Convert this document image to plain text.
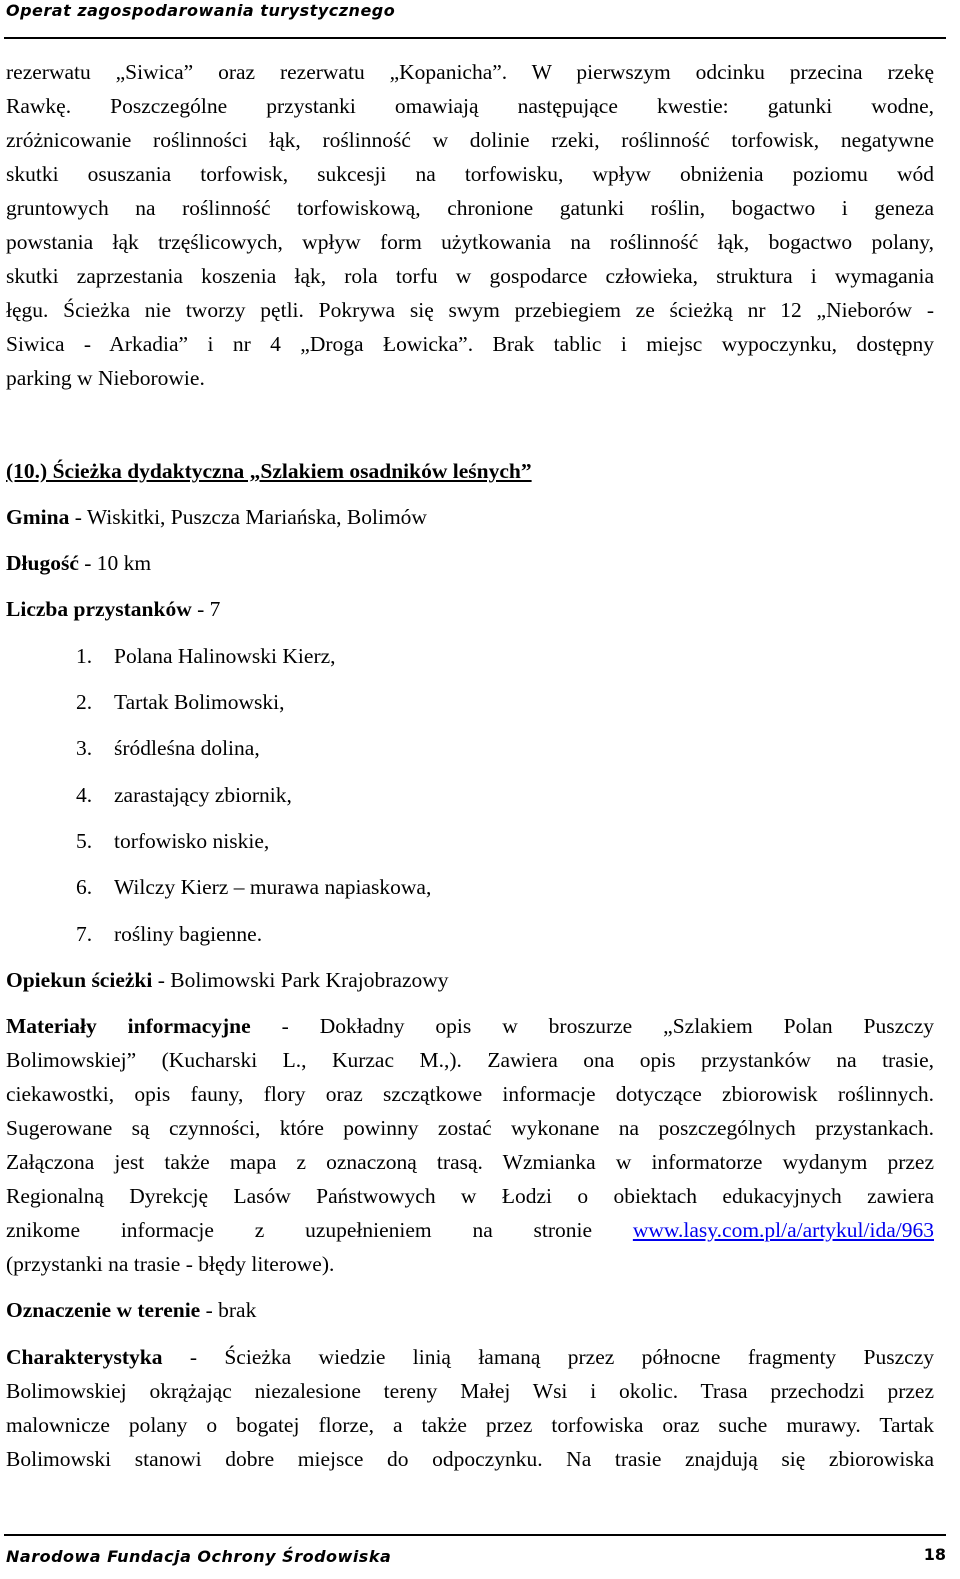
Operat zagospodarowania turystycznego

rezerwatu „Siwica” oraz rezerwatu „Kopanicha”. W pierwszym odcinku przecina rzekę

Rawkę. Poszczególne przystanki omawiają następujące kwestie: gatunki wodne,

zróżnicowanie roślinności łąk, roślinność w dolinie rzeki, roślinność torfowisk, negatywne

skutki osuszania torfowisk, sukcesji na torfowisku, wpływ obniżenia poziomu wód

gruntowych na roślinność torfowiskową, chronione gatunki roślin, bogactwo i geneza

powstania łąk trzęślicowych, wpływ form użytkowania na roślinność łąk, bogactwo polany,

skutki zaprzestania koszenia łąk, rola torfu w gospodarce człowieka, struktura i wymagania

łęgu. Ścieżka nie tworzy pętli. Pokrywa się swym przebiegiem ze ścieżką nr 12 „Nieborów -

Siwica - Arkadia” i nr 4 „Droga Łowicka”. Brak tablic i miejsc wypoczynku, dostępny

parking w Nieborowie.

(10.) Ścieżka dydaktyczna „Szlakiem osadników leśnych”

Gmina - Wiskitki, Puszcza Mariańska, Bolimów

Długość - 10 km

Liczba przystanków - 7

1. Polana Halinowski Kierz,
2. Tartak Bolimowski,
3. śródleśna dolina,
4. zarastający zbiornik,
5. torfowisko niskie,
6. Wilczy Kierz – murawa napiaskowa,
7. rośliny bagienne.

Opiekun ścieżki - Bolimowski Park Krajobrazowy

Materiały informacyjne - Dokładny opis w broszurze „Szlakiem Polan Puszczy

Bolimowskiej” (Kucharski L., Kurzac M.,). Zawiera ona opis przystanków na trasie,

ciekawostki, opis fauny, flory oraz szczątkowe informacje dotyczące zbiorowisk roślinnych.

Sugerowane są czynności, które powinny zostać wykonane na poszczególnych przystankach.

Załączona jest także mapa z oznaczoną trasą. Wzmianka w informatorze wydanym przez

Regionalną Dyrekcję Lasów Państwowych w Łodzi o obiektach edukacyjnych zawiera

znikome informacje z uzupełnieniem na stronie www.lasy.com.pl/a/artykul/ida/963

(przystanki na trasie - błędy literowe).

Oznaczenie w terenie - brak

Charakterystyka - Ścieżka wiedzie linią łamaną przez północne fragmenty Puszczy

Bolimowskiej okrążając niezalesione tereny Małej Wsi i okolic. Trasa przechodzi przez

malownicze polany o bogatej florze, a także przez torfowiska oraz suche murawy. Tartak

Bolimowski stanowi dobre miejsce do odpoczynku. Na trasie znajdują się zbiorowiska

Narodowa Fundacja Ochrony Środowiska	18
